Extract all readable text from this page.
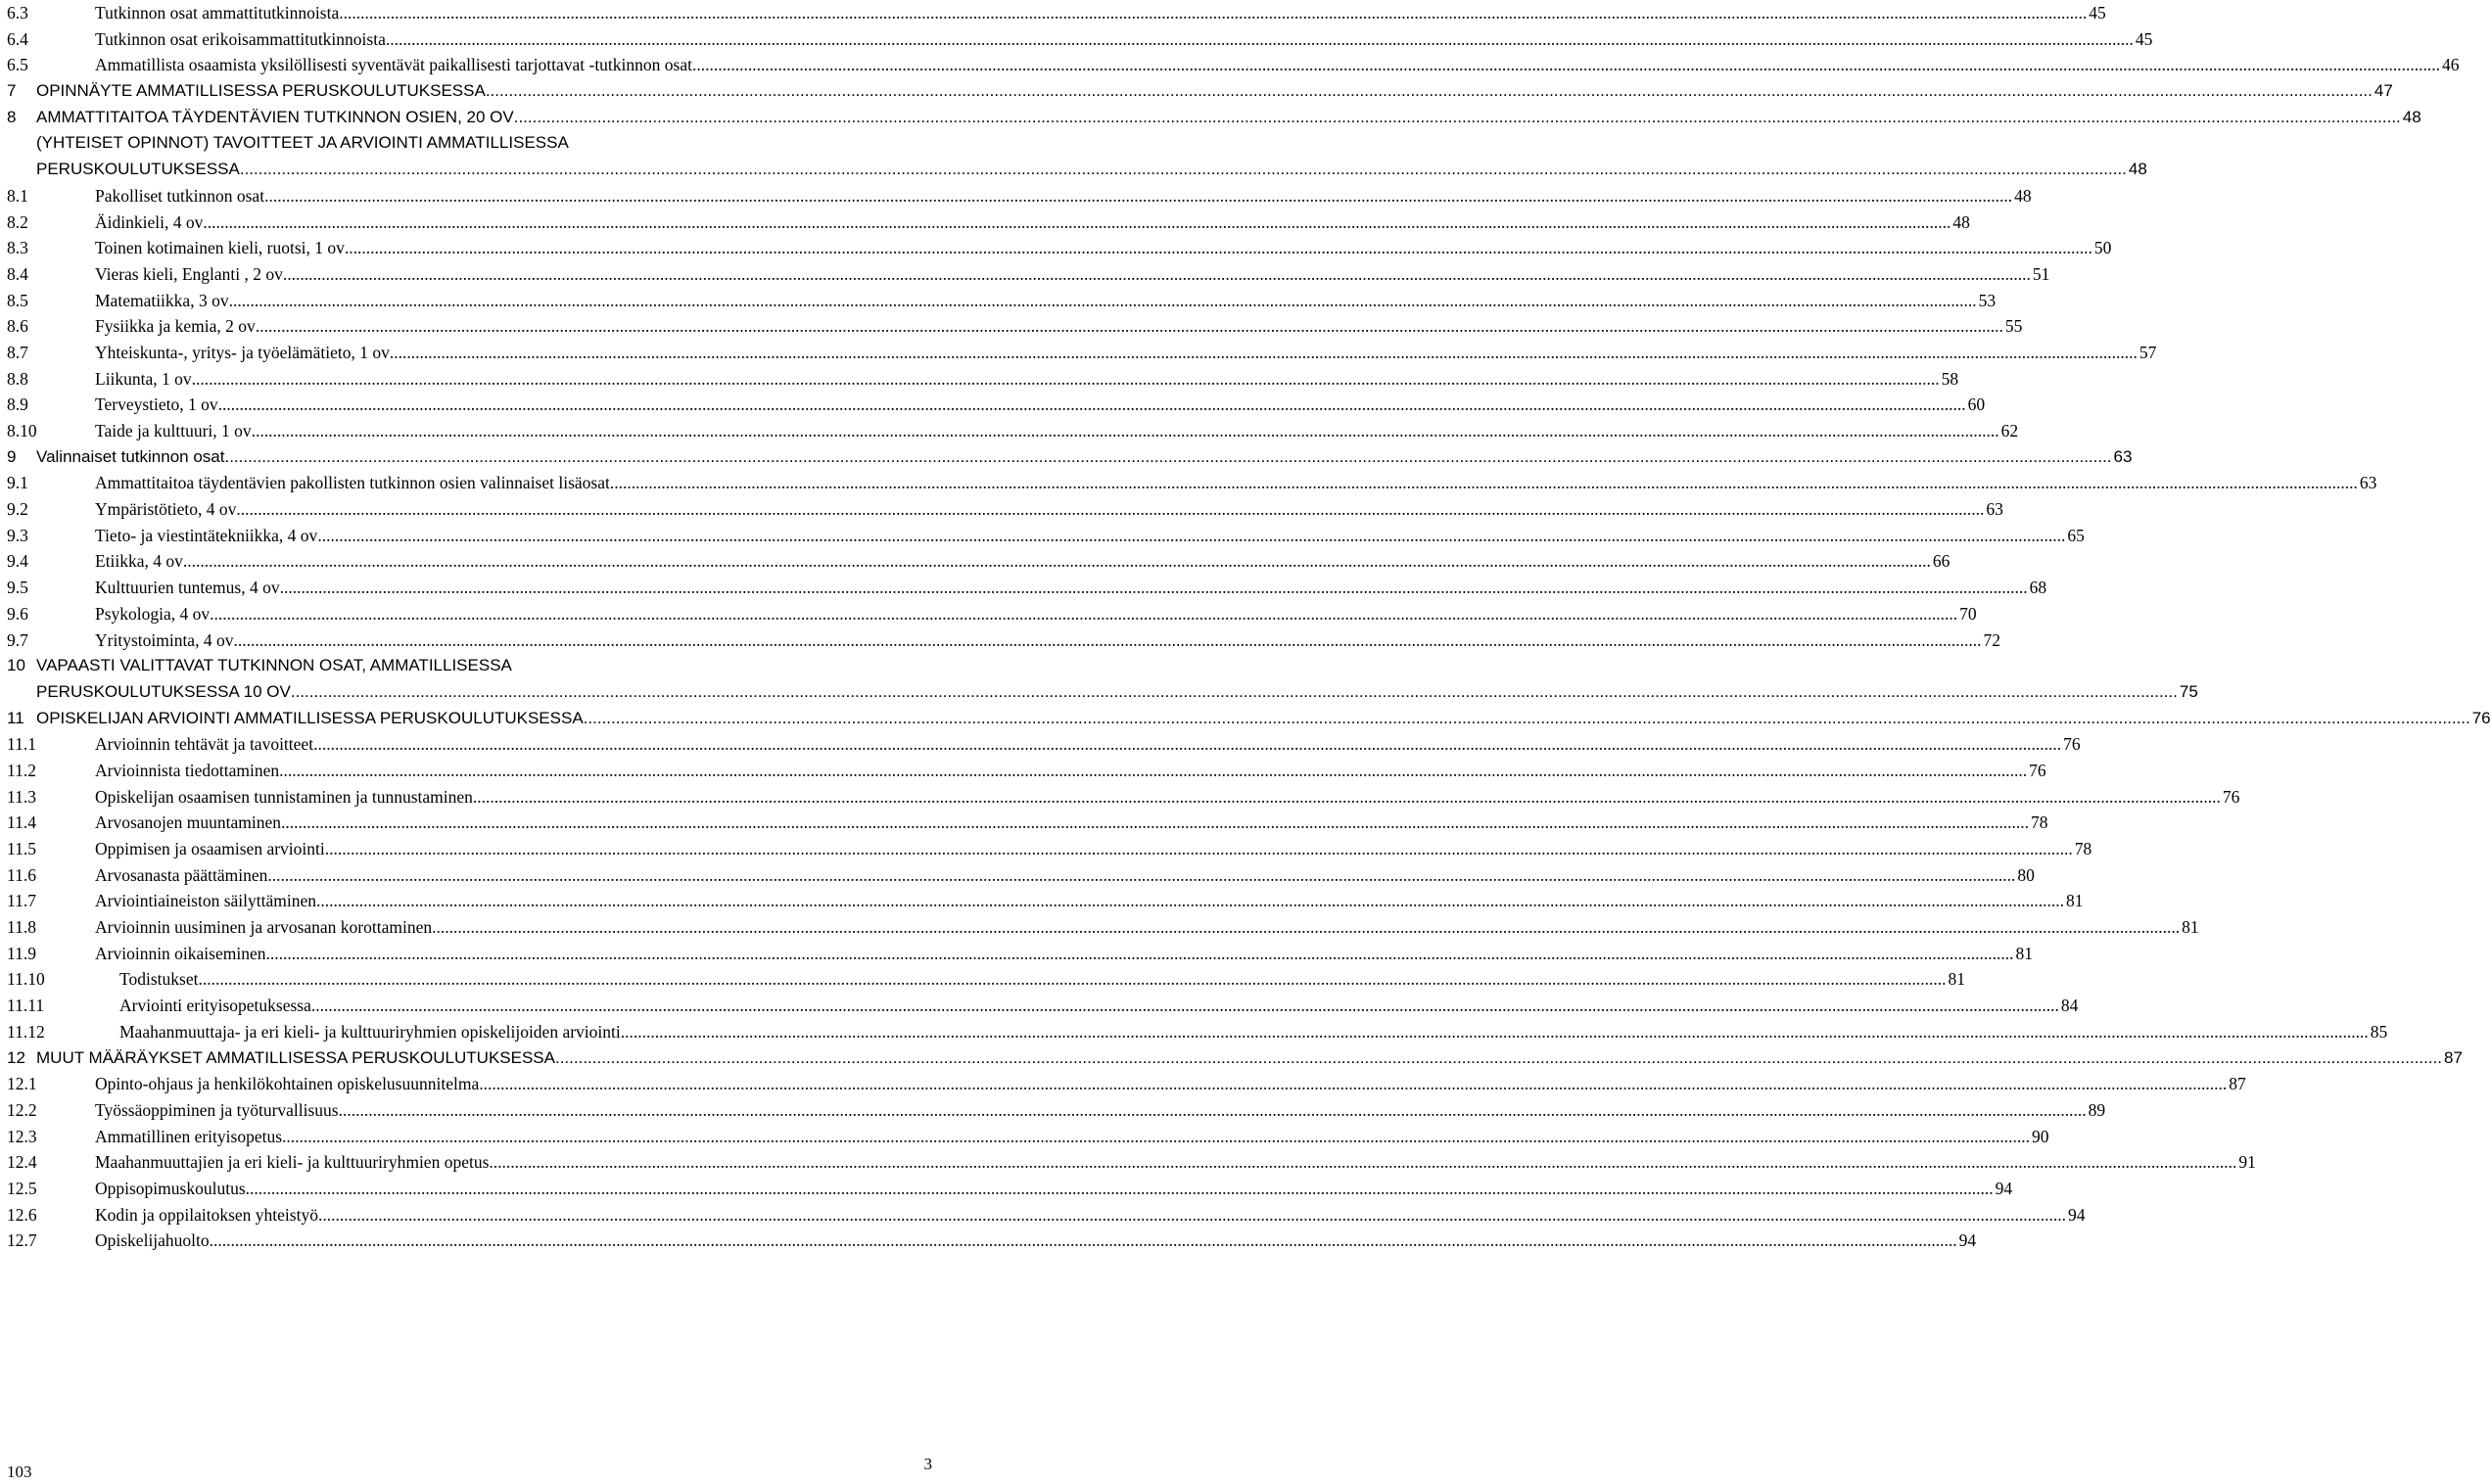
6.3	Tutkinnon osat ammattitutkinnoista .....	45
6.4	Tutkinnon osat erikoisammattitutkinnoista .....	45
6.5	Ammatillista osaamista yksilöllisesti syventävät paikallisesti tarjottavat -tutkinnon osat .....	46
7 OPINNÄYTE AMMATILLISESSA PERUSKOULUTUKSESSA .....	47
8 AMMATTITAITOA TÄYDENTÄVIEN TUTKINNON OSIEN, 20 OV .....	48
(YHTEISET OPINNOT) TAVOITTEET JA ARVIOINTI AMMATILLISESSA
PERUSKOULUTUKSESSA .....	48
8.1	Pakolliset tutkinnon osat .....	48
8.2	Äidinkieli, 4 ov .....	48
8.3	Toinen kotimainen kieli, ruotsi, 1 ov .....	50
8.4	Vieras kieli, Englanti , 2 ov .....	51
8.5	Matematiikka, 3 ov .....	53
8.6	Fysiikka ja kemia, 2 ov .....	55
8.7	Yhteiskunta-, yritys- ja työelämätieto, 1 ov .....	57
8.8	Liikunta, 1 ov .....	58
8.9	Terveystieto, 1 ov .....	60
8.10	Taide ja kulttuuri, 1 ov .....	62
9 Valinnaiset tutkinnon osat .....	63
9.1	Ammattitaitoa täydentävien pakollisten tutkinnon osien valinnaiset lisäosat .....	63
9.2	Ympäristötieto, 4 ov .....	63
9.3	Tieto- ja viestintätekniikka, 4 ov .....	65
9.4	Etiikka, 4 ov .....	66
9.5	Kulttuurien tuntemus, 4 ov .....	68
9.6	Psykologia, 4 ov .....	70
9.7	Yritystoiminta, 4 ov .....	72
10 VAPAASTI VALITTAVAT TUTKINNON OSAT, AMMATILLISESSA
PERUSKOULUTUKSESSA 10 OV .....	75
11 OPISKELIJAN ARVIOINTI AMMATILLISESSA PERUSKOULUTUKSESSA .....	76
11.1	Arvioinnin tehtävät ja tavoitteet .....	76
11.2	Arvioinnista tiedottaminen .....	76
11.3	Opiskelijan osaamisen tunnistaminen ja tunnustaminen .....	76
11.4	Arvosanojen muuntaminen .....	78
11.5	Oppimisen ja osaamisen arviointi .....	78
11.6	Arvosanasta päättäminen .....	80
11.7	Arviointiaineiston säilyttäminen .....	81
11.8	Arvioinnin uusiminen ja arvosanan korottaminen .....	81
11.9	Arvioinnin oikaiseminen .....	81
11.10	Todistukset .....	81
11.11	Arviointi erityisopetuksessa .....	84
11.12	Maahanmuuttaja- ja eri kieli- ja kulttuuriryhmien opiskelijoiden arviointi .....	85
12 MUUT MÄÄRÄYKSET AMMATILLISESSA PERUSKOULUTUKSESSA .....	87
12.1	Opinto-ohjaus ja henkilökohtainen opiskelusuunnitelma .....	87
12.2	Työssäoppiminen ja työturvallisuus .....	89
12.3	Ammatillinen erityisopetus .....	90
12.4	Maahanmuuttajien ja eri kieli- ja kulttuuriryhmien opetus .....	91
12.5	Oppisopimuskoulutus .....	94
12.6	Kodin ja oppilaitoksen yhteistyö .....	94
12.7	Opiskelijahuolto .....	94
103	3
